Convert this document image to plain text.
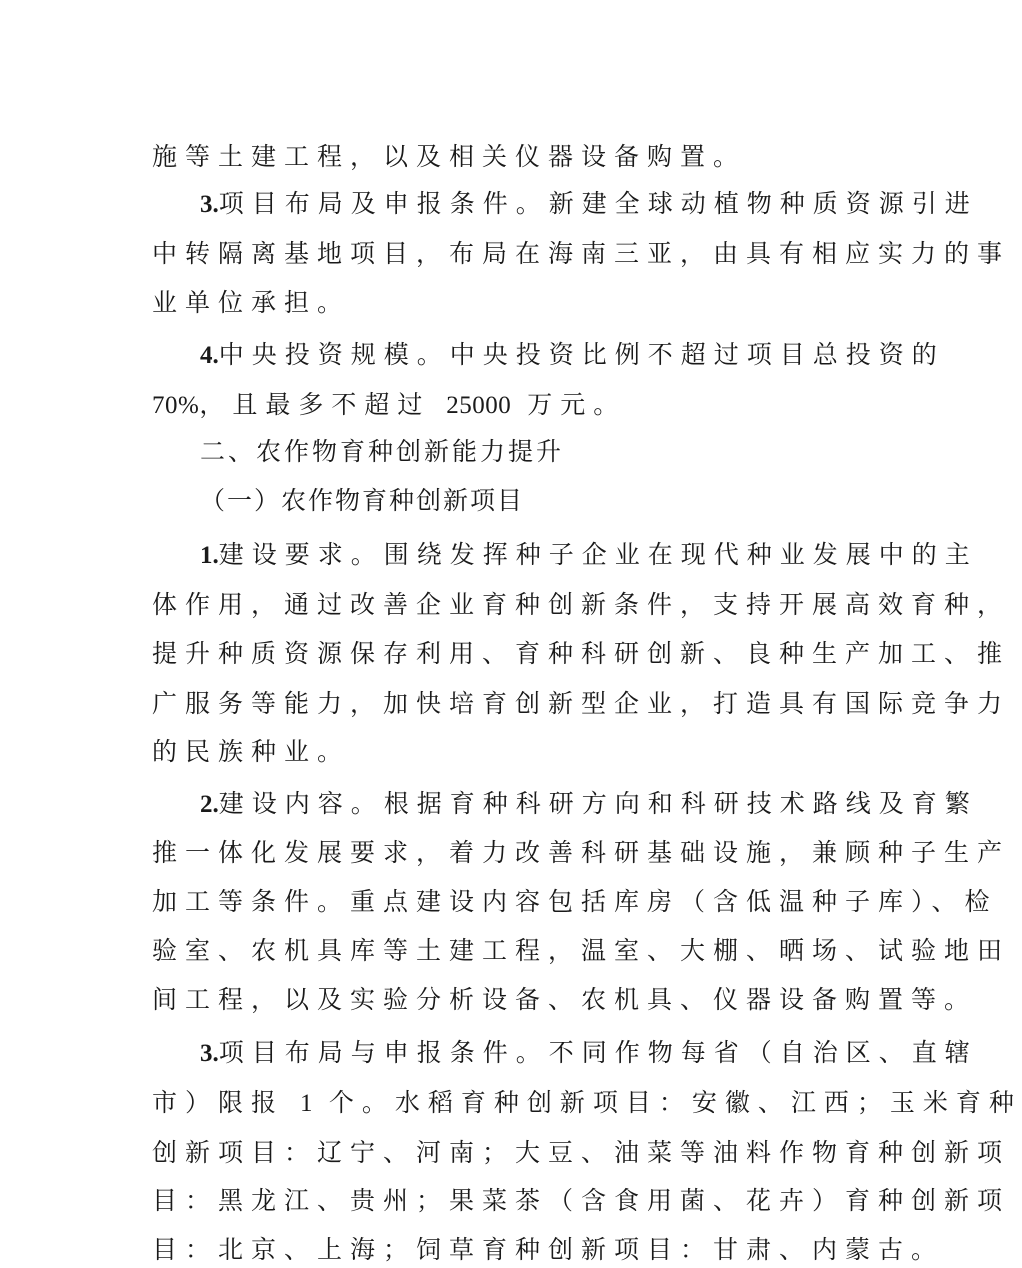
施等土建工程，以及相关仪器设备购置。
3.项目布局及申报条件。新建全球动植物种质资源引进
中转隔离基地项目，布局在海南三亚，由具有相应实力的事
业单位承担。
4.中央投资规模。中央投资比例不超过项目总投资的
70%，且最多不超过 25000 万元。
二、农作物育种创新能力提升
（一）农作物育种创新项目
1.建设要求。围绕发挥种子企业在现代种业发展中的主
体作用，通过改善企业育种创新条件，支持开展高效育种，
提升种质资源保存利用、育种科研创新、良种生产加工、推
广服务等能力，加快培育创新型企业，打造具有国际竞争力
的民族种业。
2.建设内容。根据育种科研方向和科研技术路线及育繁
推一体化发展要求，着力改善科研基础设施，兼顾种子生产
加工等条件。重点建设内容包括库房（含低温种子库）、检
验室、农机具库等土建工程，温室、大棚、晒场、试验地田
间工程，以及实验分析设备、农机具、仪器设备购置等。
3.项目布局与申报条件。不同作物每省（自治区、直辖
市）限报 1 个。水稻育种创新项目：安徽、江西；玉米育种
创新项目：辽宁、河南；大豆、油菜等油料作物育种创新项
目：黑龙江、贵州；果菜茶（含食用菌、花卉）育种创新项
目：北京、上海；饲草育种创新项目：甘肃、内蒙古。
